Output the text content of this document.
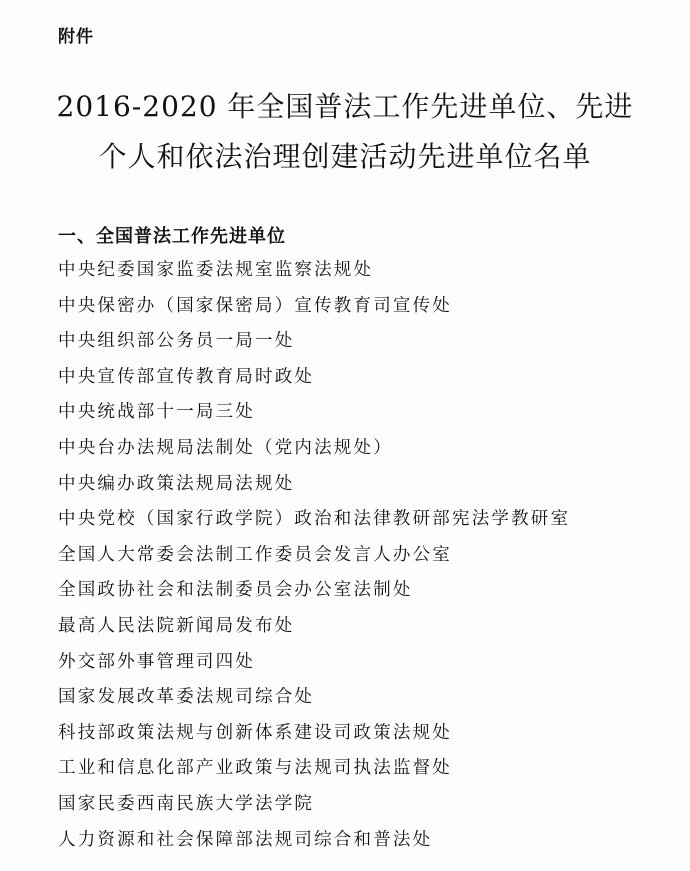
附件
2016-2020 年全国普法工作先进单位、先进
个人和依法治理创建活动先进单位名单
一、全国普法工作先进单位
中央纪委国家监委法规室监察法规处
中央保密办（国家保密局）宣传教育司宣传处
中央组织部公务员一局一处
中央宣传部宣传教育局时政处
中央统战部十一局三处
中央台办法规局法制处（党内法规处）
中央编办政策法规局法规处
中央党校（国家行政学院）政治和法律教研部宪法学教研室
全国人大常委会法制工作委员会发言人办公室
全国政协社会和法制委员会办公室法制处
最高人民法院新闻局发布处
外交部外事管理司四处
国家发展改革委法规司综合处
科技部政策法规与创新体系建设司政策法规处
工业和信息化部产业政策与法规司执法监督处
国家民委西南民族大学法学院
人力资源和社会保障部法规司综合和普法处
